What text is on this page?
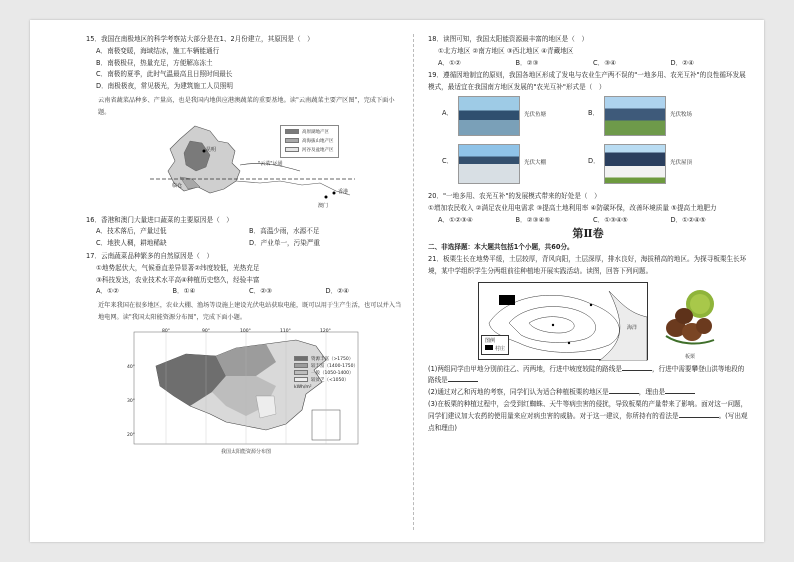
15．我国在南极地区的科学考察站大部分是在1、2月份建立，其原因是（　）
A．南极变暖，海域结冰，施工车辆能通行
B．南极极昼，热量充足，方便解冻冻土
C．南极的夏季，此时气温最高且日照时间最长
D．南极极夜，常见极光，为建筑施工人员照明
云南省蔬菜品种多、产量高，也是我国内地供应港澳蔬菜的重要基地。读"云南蔬菜主要产区图"，完成下面小题。
昆明
临仓
"云菜"运通
香港
澳门
高原湖地产区
高海拔山地产区
河谷及盆地产区
16．香港和澳门大量进口蔬菜的主要原因是（　）
A．技术落后，产量过低	B．高温少雨，水源不足
C．地狭人稠，耕地稀缺	D．产业单一，污染严重
17．云南蔬菜品种繁多的自然原因是（　）
①地势起伏大，气候垂直差异显著②纬度较低，光热充足
③科技发达，农业技术水平高④种植历史悠久，经验丰富
A．①②	B．①④	C．②③	D．②④
近年来我国在很多地区，农业大棚、渔场等设施上建设光伏电站获取电能，既可以用于生产生活，也可以并入当地电网。读"我国太阳能资源分布图"，完成下面小题。
80°	90°	100°	110°	120°
40°
30°
20°
资源丰富（>1750）
较丰富（1400-1750）
一般（1050-1400）
较贫乏（<1050）
kWh/m²
我国太阳能资源分布图
18．读图可知，我国太阳能资源最丰富的地区是（　）
①北方地区 ②南方地区 ③西北地区 ④青藏地区
A．①②	B．②③	C．③④	D．②④
19．遵循因地制宜的原则，我国各地区形成了发电与农业生产两不误的"一地多用、农光互补"的良性循环发展模式，最适宜在我国南方地区发展的"农光互补"形式是（　）
A．	光伏鱼塘	B．	光伏牧场
C．	光伏大棚	D．	光伏屋顶
20．"一地多用、农光互补"的发展模式带来的好处是（　）
①增加农民收入 ②满足农业用电需求 ③提高土地利用率 ④防碳环保，改善环境质量 ⑤提高土地肥力
A．①②③④	B．②③④⑤	C．①③④⑤	D．①②④⑤
第Ⅱ卷
二、非选择题：本大题共包括1个小题，共60分。
21．板栗生长在地势平缓，土层较厚，背风向阳，土层深厚，排水良好，海拔稍高的地区。为探寻板栗生长环境，某中学组织学生分两组前往种植地开展实践活动。读图，回答下列问题。
海洋
图例
村庄
板栗
(1)两组同学由甲地分别前往乙、丙两地，行进中坡度较陡的路线是	，行进中需要攀登山洪等地段的路线是
(2)通过对乙和丙地的考察，同学们认为适合种植板栗的地区是	，理由是
(3)在板栗的种植过程中，会受到红蜘蛛、天牛等病虫害的侵扰，导致板栗的产量带来了影响。面对这一问题，同学们建议加大农药的使用量来应对病虫害的威胁。对于这一建议，你所持有的看法是	。(写出观点和理由)
